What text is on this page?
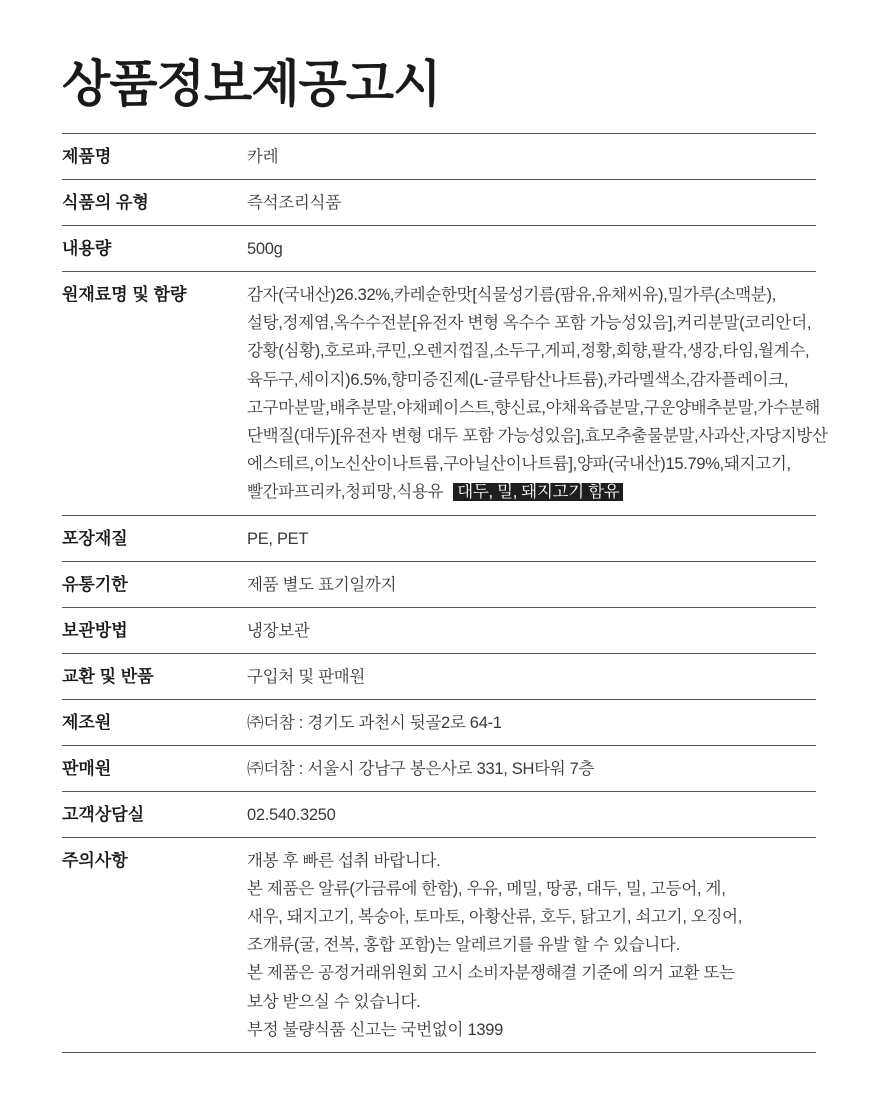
상품정보제공고시
제품명	카레
식품의 유형	즉석조리식품
내용량	500g
원재료명 및 함량	감자(국내산)26.32%,카레순한맛[식물성기름(팜유,유채씨유),밀가루(소맥분),
설탕,정제염,옥수수전분[유전자 변형 옥수수 포함 가능성있음],커리분말(코리안더,
강황(심황),호로파,쿠민,오렌지껍질,소두구,게피,정황,회향,팔각,생강,타임,월계수,
육두구,세이지)6.5%,향미증진제(L-글루탐산나트륨),카라멜색소,감자플레이크,
고구마분말,배추분말,야채페이스트,향신료,야채육즙분말,구운양배추분말,가수분해
단백질(대두)[유전자 변형 대두 포함 가능성있음],효모추출물분말,사과산,자당지방산
에스테르,이노신산이나트륨,구아닐산이나트륨],양파(국내산)15.79%,돼지고기,
빨간파프리카,청피망,식용유 대두, 밀, 돼지고기 함유
포장재질	PE, PET
유통기한	제품 별도 표기일까지
보관방법	냉장보관
교환 및 반품	구입처 및 판매원
제조원	㈜더참 : 경기도 과천시 뒷골2로 64-1
판매원	㈜더참 : 서울시 강남구 봉은사로 331, SH타워 7층
고객상담실	02.540.3250
주의사항	개봉 후 빠른 섭취 바랍니다.
본 제품은 알류(가금류에 한함), 우유, 메밀, 땅콩, 대두, 밀, 고등어, 게,
새우, 돼지고기, 복숭아, 토마토, 아황산류, 호두, 닭고기, 쇠고기, 오징어,
조개류(굴, 전복, 홍합 포함)는 알레르기를 유발 할 수 있습니다.
본 제품은 공정거래위원회 고시 소비자분쟁해결 기준에 의거 교환 또는
보상 받으실 수 있습니다.
부정 불량식품 신고는 국번없이 1399
